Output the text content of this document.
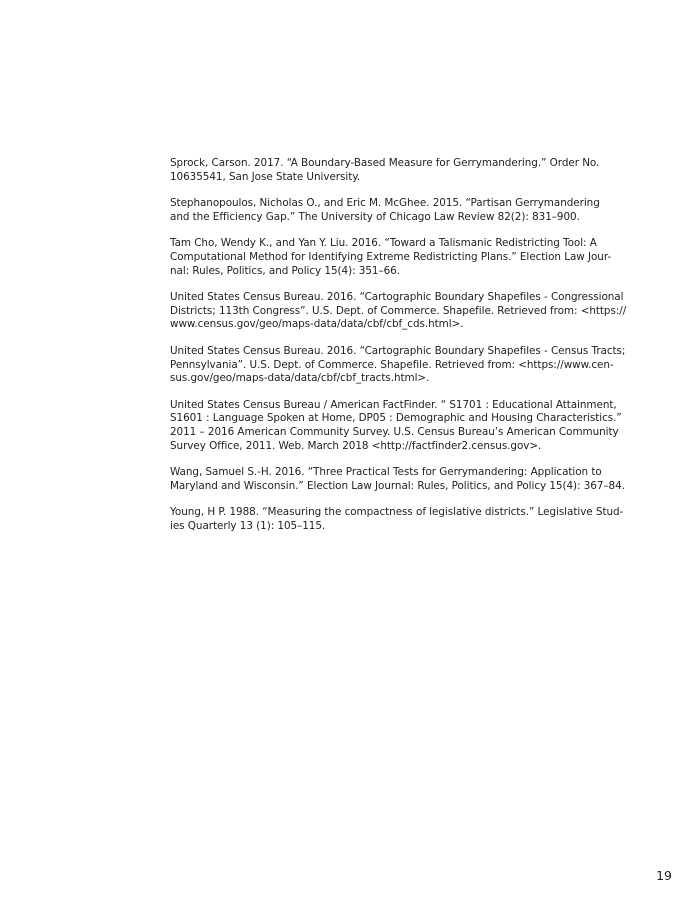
Sprock, Carson. 2017. “A Boundary-Based Measure for Gerrymandering.” Order No.
10635541, San Jose State University.

Stephanopoulos, Nicholas O., and Eric M. McGhee. 2015. “Partisan Gerrymandering
and the Efficiency Gap.” The University of Chicago Law Review 82(2): 831–900.

Tam Cho, Wendy K., and Yan Y. Liu. 2016. “Toward a Talismanic Redistricting Tool: A
Computational Method for Identifying Extreme Redistricting Plans.” Election Law Jour-
nal: Rules, Politics, and Policy 15(4): 351–66.

United States Census Bureau. 2016. “Cartographic Boundary Shapefiles - Congressional
Districts; 113th Congress”. U.S. Dept. of Commerce. Shapefile. Retrieved from: <https://
www.census.gov/geo/maps-data/data/cbf/cbf_cds.html>.

United States Census Bureau. 2016. “Cartographic Boundary Shapefiles - Census Tracts;
Pennsylvania”. U.S. Dept. of Commerce. Shapefile. Retrieved from: <https://www.cen-
sus.gov/geo/maps-data/data/cbf/cbf_tracts.html>.

United States Census Bureau / American FactFinder. “ S1701 : Educational Attainment,
S1601 : Language Spoken at Home, DP05 : Demographic and Housing Characteristics.”
2011 – 2016 American Community Survey. U.S. Census Bureau’s American Community
Survey Office, 2011. Web. March 2018 <http://factfinder2.census.gov>.

Wang, Samuel S.-H. 2016. “Three Practical Tests for Gerrymandering: Application to
Maryland and Wisconsin.” Election Law Journal: Rules, Politics, and Policy 15(4): 367–84.

Young, H P. 1988. “Measuring the compactness of legislative districts.” Legislative Stud-
ies Quarterly 13 (1): 105–115.

19
